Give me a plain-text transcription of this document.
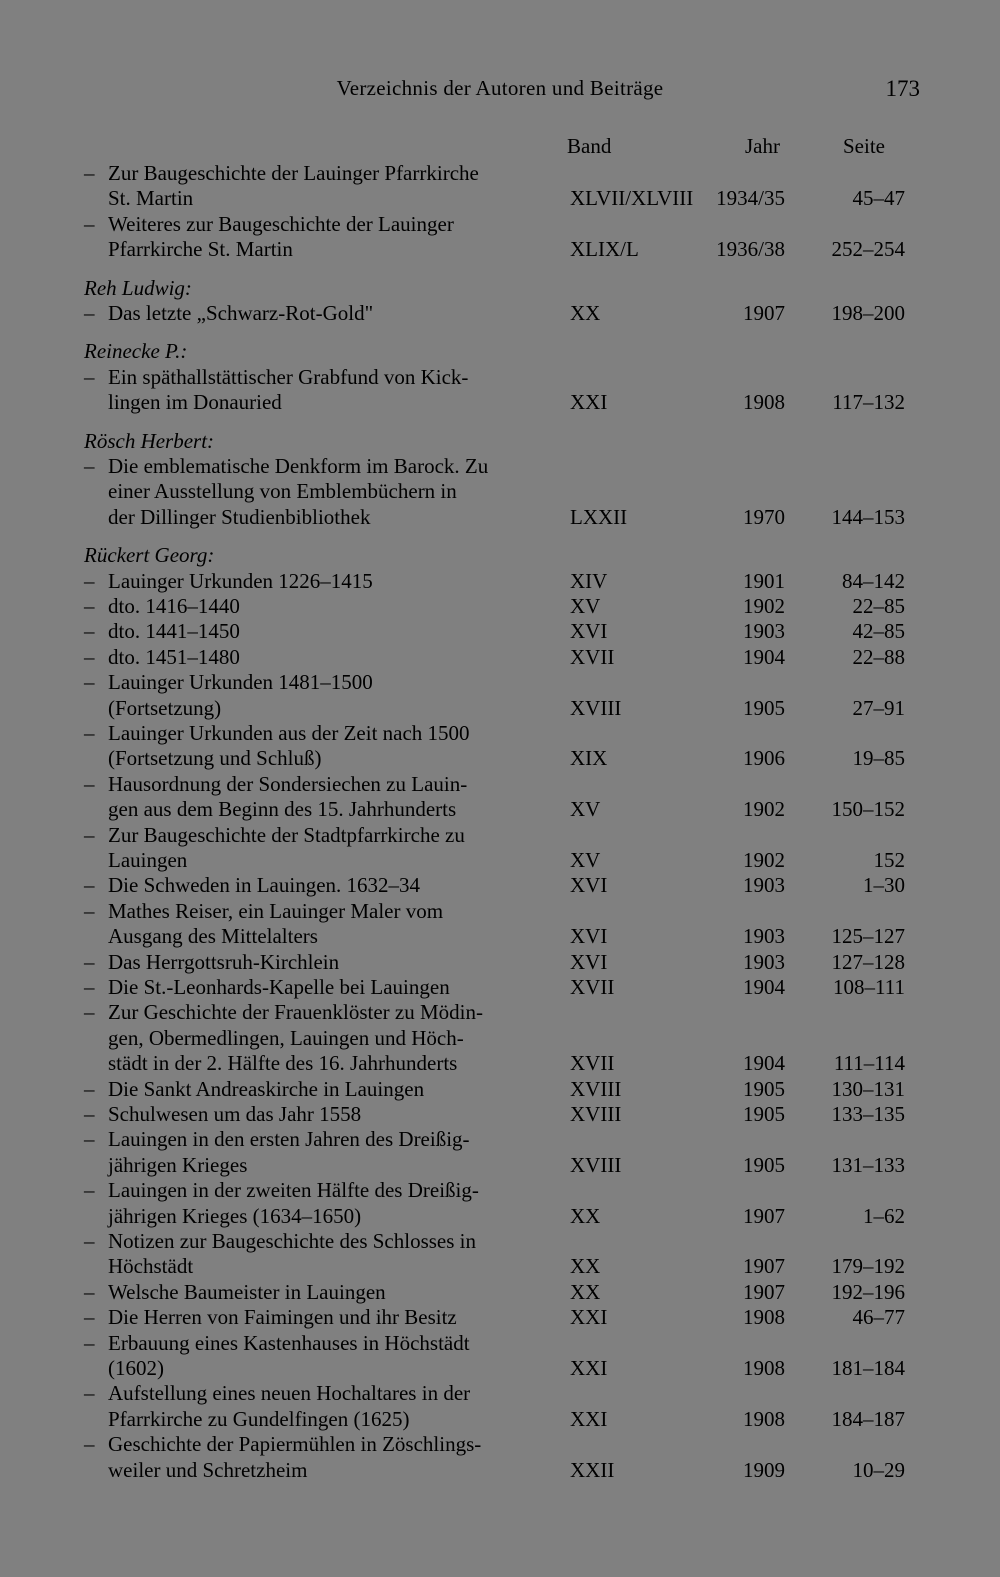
Verzeichnis der Autoren und Beiträge	173
Band	Jahr	Seite
– Zur Baugeschichte der Lauinger Pfarrkirche
St. Martin	XLVII/XLVIII 1934/35	45–47
– Weiteres zur Baugeschichte der Lauinger
Pfarrkirche St. Martin	XLIX/L	1936/38	252–254
Reh Ludwig:
– Das letzte „Schwarz-Rot-Gold"	XX	1907	198–200
Reinecke P.:
– Ein späthallstättischer Grabfund von Kick-
lingen im Donauried	XXI	1908	117–132
Rösch Herbert:
– Die emblematische Denkform im Barock. Zu
einer Ausstellung von Emblembüchern in
der Dillinger Studienbibliothek	LXXII	1970	144–153
Rückert Georg:
– Lauinger Urkunden 1226–1415	XIV	1901	84–142
– dto. 1416–1440	XV	1902	22–85
– dto. 1441–1450	XVI	1903	42–85
– dto. 1451–1480	XVII	1904	22–88
– Lauinger Urkunden 1481–1500
(Fortsetzung)	XVIII	1905	27–91
– Lauinger Urkunden aus der Zeit nach 1500
(Fortsetzung und Schluß)	XIX	1906	19–85
– Hausordnung der Sondersiechen zu Lauin-
gen aus dem Beginn des 15. Jahrhunderts	XV	1902	150–152
– Zur Baugeschichte der Stadtpfarrkirche zu
Lauingen	XV	1902	152
– Die Schweden in Lauingen. 1632–34	XVI	1903	1–30
– Mathes Reiser, ein Lauinger Maler vom
Ausgang des Mittelalters	XVI	1903	125–127
– Das Herrgottsruh-Kirchlein	XVI	1903	127–128
– Die St.-Leonhards-Kapelle bei Lauingen	XVII	1904	108–111
– Zur Geschichte der Frauenklöster zu Mödin-
gen, Obermedlingen, Lauingen und Höch-
städt in der 2. Hälfte des 16. Jahrhunderts	XVII	1904	111–114
– Die Sankt Andreaskirche in Lauingen	XVIII	1905	130–131
– Schulwesen um das Jahr 1558	XVIII	1905	133–135
– Lauingen in den ersten Jahren des Dreißig-
jährigen Krieges	XVIII	1905	131–133
– Lauingen in der zweiten Hälfte des Dreißig-
jährigen Krieges (1634–1650)	XX	1907	1–62
– Notizen zur Baugeschichte des Schlosses in
Höchstädt	XX	1907	179–192
– Welsche Baumeister in Lauingen	XX	1907	192–196
– Die Herren von Faimingen und ihr Besitz	XXI	1908	46–77
– Erbauung eines Kastenhauses in Höchstädt
(1602)	XXI	1908	181–184
– Aufstellung eines neuen Hochaltares in der
Pfarrkirche zu Gundelfingen (1625)	XXI	1908	184–187
– Geschichte der Papiermühlen in Zöschlings-
weiler und Schretzheim	XXII	1909	10–29
